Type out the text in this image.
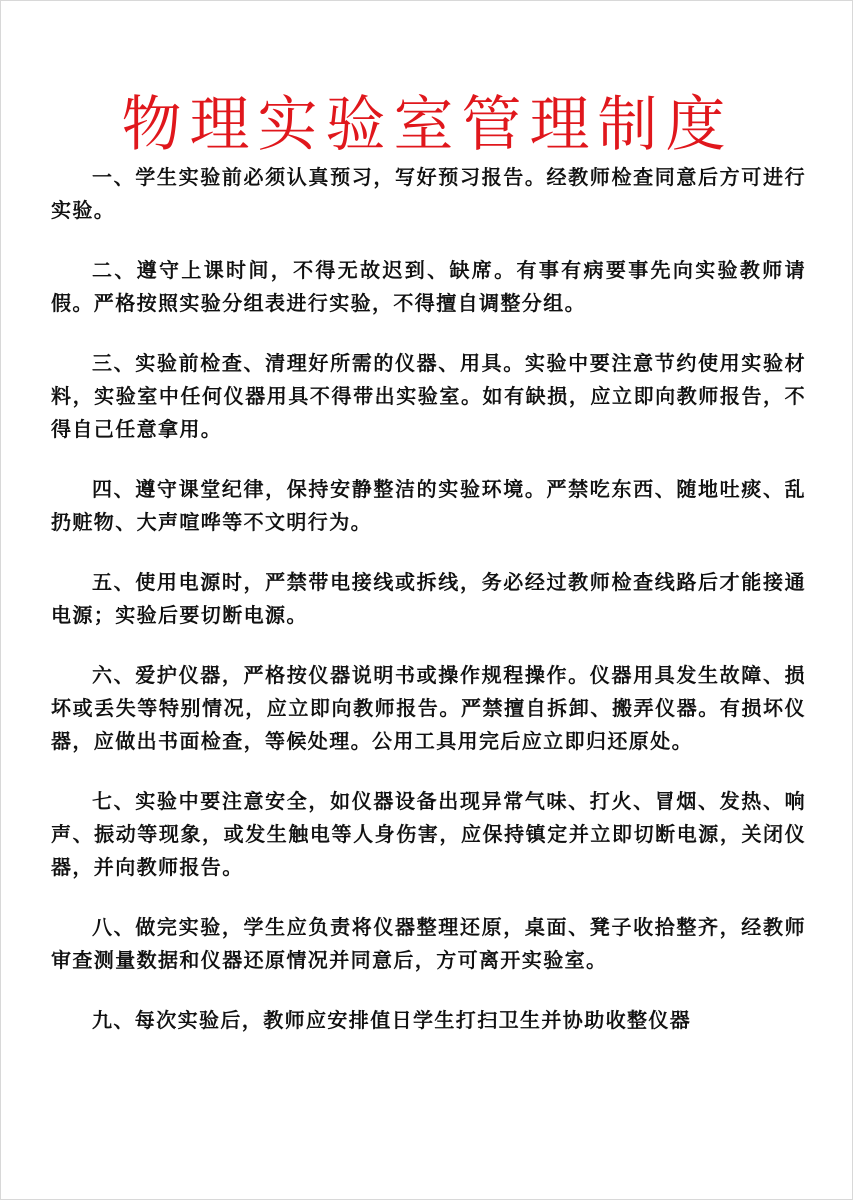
物理实验室管理制度

一、学生实验前必须认真预习，写好预习报告。经教师检查同意后方可进行实验。

二、遵守上课时间，不得无故迟到、缺席。有事有病要事先向实验教师请假。严格按照实验分组表进行实验，不得擅自调整分组。

三、实验前检查、清理好所需的仪器、用具。实验中要注意节约使用实验材料，实验室中任何仪器用具不得带出实验室。如有缺损，应立即向教师报告，不得自己任意拿用。

四、遵守课堂纪律，保持安静整洁的实验环境。严禁吃东西、随地吐痰、乱扔赃物、大声喧哗等不文明行为。

五、使用电源时，严禁带电接线或拆线，务必经过教师检查线路后才能接通电源；实验后要切断电源。

六、爱护仪器，严格按仪器说明书或操作规程操作。仪器用具发生故障、损坏或丢失等特别情况，应立即向教师报告。严禁擅自拆卸、搬弄仪器。有损坏仪器，应做出书面检查，等候处理。公用工具用完后应立即归还原处。

七、实验中要注意安全，如仪器设备出现异常气味、打火、冒烟、发热、响声、振动等现象，或发生触电等人身伤害，应保持镇定并立即切断电源，关闭仪器，并向教师报告。

八、做完实验，学生应负责将仪器整理还原，桌面、凳子收拾整齐，经教师审查测量数据和仪器还原情况并同意后，方可离开实验室。

九、每次实验后，教师应安排值日学生打扫卫生并协助收整仪器
